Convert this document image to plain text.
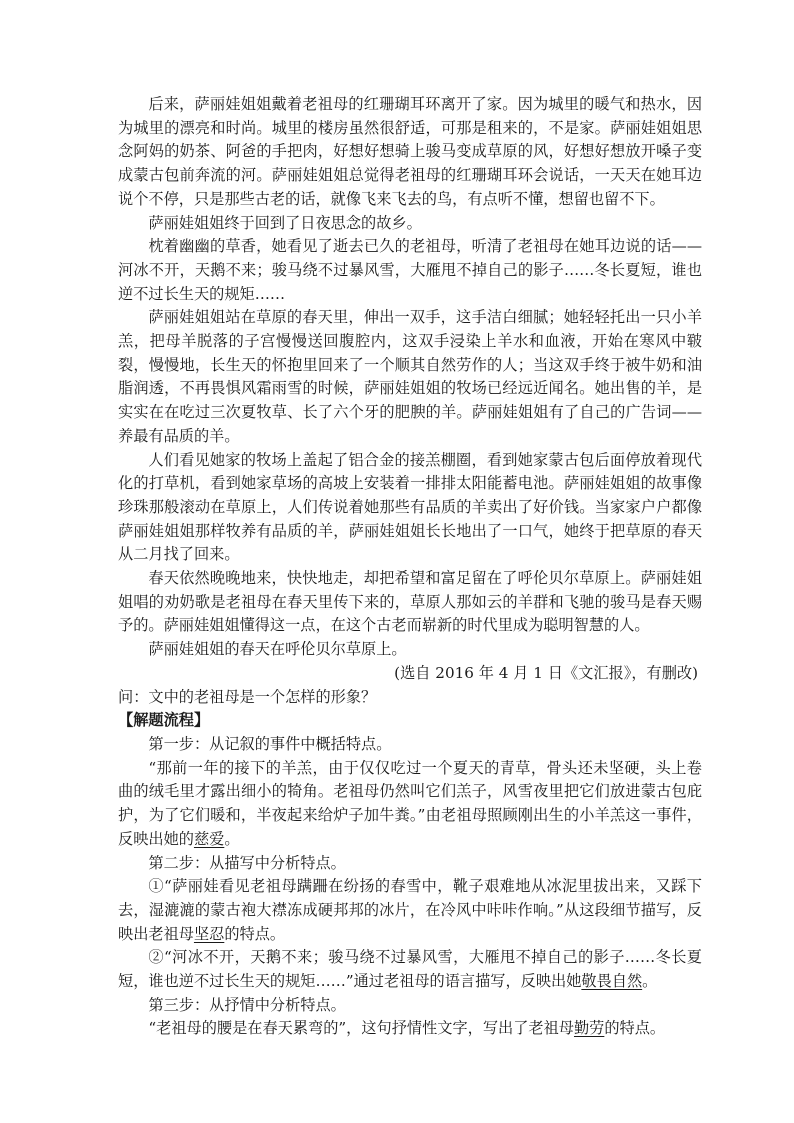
后来，萨丽娃姐姐戴着老祖母的红珊瑚耳环离开了家。因为城里的暖气和热水，因为城里的漂亮和时尚。城里的楼房虽然很舒适，可那是租来的，不是家。萨丽娃姐姐思念阿妈的奶茶、阿爸的手把肉，好想好想骑上骏马变成草原的风，好想好想放开嗓子变成蒙古包前奔流的河。萨丽娃姐姐总觉得老祖母的红珊瑚耳环会说话，一天天在她耳边说个不停，只是那些古老的话，就像飞来飞去的鸟，有点听不懂，想留也留不下。

萨丽娃姐姐终于回到了日夜思念的故乡。

枕着幽幽的草香，她看见了逝去已久的老祖母，听清了老祖母在她耳边说的话——河冰不开，天鹅不来；骏马绕不过暴风雪，大雁甩不掉自己的影子……冬长夏短，谁也逆不过长生天的规矩……

萨丽娃姐姐站在草原的春天里，伸出一双手，这手洁白细腻；她轻轻托出一只小羊羔，把母羊脱落的子宫慢慢送回腹腔内，这双手浸染上羊水和血液，开始在寒风中皲裂，慢慢地，长生天的怀抱里回来了一个顺其自然劳作的人；当这双手终于被牛奶和油脂润透，不再畏惧风霜雨雪的时候，萨丽娃姐姐的牧场已经远近闻名。她出售的羊，是实实在在吃过三次夏牧草、长了六个牙的肥腴的羊。萨丽娃姐姐有了自己的广告词——养最有品质的羊。

人们看见她家的牧场上盖起了铝合金的接羔棚圈，看到她家蒙古包后面停放着现代化的打草机，看到她家草场的高坡上安装着一排排太阳能蓄电池。萨丽娃姐姐的故事像珍珠那般滚动在草原上，人们传说着她那些有品质的羊卖出了好价钱。当家家户户都像萨丽娃姐姐那样牧养有品质的羊，萨丽娃姐姐长长地出了一口气，她终于把草原的春天从二月找了回来。

春天依然晚晚地来，快快地走，却把希望和富足留在了呼伦贝尔草原上。萨丽娃姐姐唱的劝奶歌是老祖母在春天里传下来的，草原人那如云的羊群和飞驰的骏马是春天赐予的。萨丽娃姐姐懂得这一点，在这个古老而崭新的时代里成为聪明智慧的人。

萨丽娃姐姐的春天在呼伦贝尔草原上。

(选自 2016 年 4 月 1 日《文汇报》，有删改)

问：文中的老祖母是一个怎样的形象？

【解题流程】

第一步：从记叙的事件中概括特点。

“那前一年的接下的羊羔，由于仅仅吃过一个夏天的青草，骨头还未坚硬，头上卷曲的绒毛里才露出细小的犄角。老祖母仍然叫它们羔子，风雪夜里把它们放进蒙古包庇护，为了它们暖和，半夜起来给炉子加牛粪。”由老祖母照顾刚出生的小羊羔这一事件，反映出她的慈爱。

第二步：从描写中分析特点。

①“萨丽娃看见老祖母蹒跚在纷扬的春雪中，靴子艰难地从冰泥里拔出来，又踩下去，湿漉漉的蒙古袍大襟冻成硬邦邦的冰片，在冷风中咔咔作响。”从这段细节描写，反映出老祖母坚忍的特点。

②“河冰不开，天鹅不来；骏马绕不过暴风雪，大雁甩不掉自己的影子……冬长夏短，谁也逆不过长生天的规矩……”通过老祖母的语言描写，反映出她敬畏自然。

第三步：从抒情中分析特点。

“老祖母的腰是在春天累弯的”，这句抒情性文字，写出了老祖母勤劳的特点。
